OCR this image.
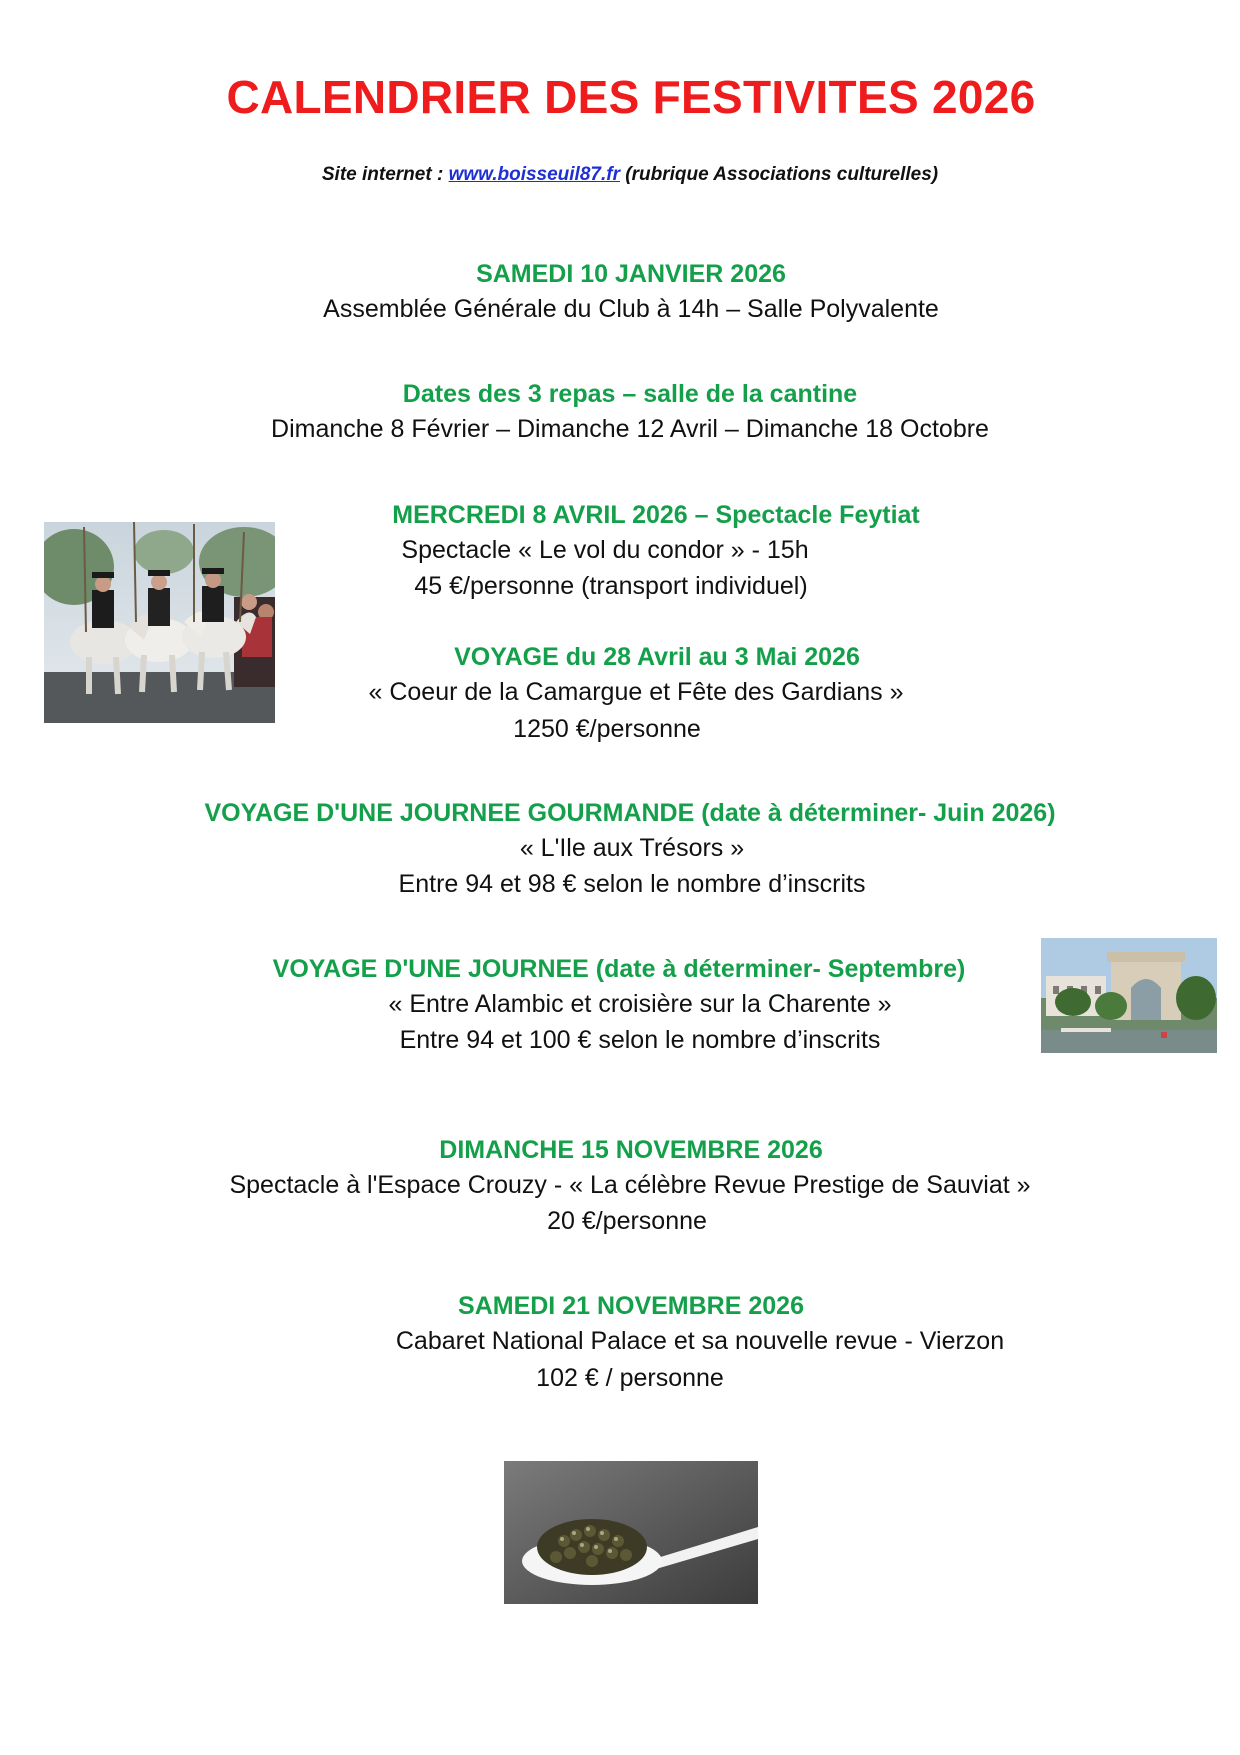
CALENDRIER DES FESTIVITES 2026
Site internet : www.boisseuil87.fr (rubrique Associations culturelles)
SAMEDI 10 JANVIER 2026
Assemblée Générale du Club à 14h – Salle Polyvalente
Dates des 3 repas – salle de la cantine
Dimanche 8 Février – Dimanche 12 Avril – Dimanche 18 Octobre
MERCREDI 8 AVRIL 2026 – Spectacle Feytiat
Spectacle « Le vol du condor » - 15h
45 €/personne (transport individuel)
VOYAGE du 28 Avril au 3 Mai 2026
« Coeur de la Camargue et Fête des Gardians »
1250 €/personne
VOYAGE D'UNE JOURNEE GOURMANDE (date à déterminer- Juin 2026)
« L'Ile aux Trésors »
Entre 94 et 98 € selon le nombre d’inscrits
VOYAGE D'UNE JOURNEE (date à déterminer- Septembre)
« Entre Alambic et croisière sur la Charente »
Entre 94 et 100 € selon le nombre d’inscrits
DIMANCHE 15 NOVEMBRE 2026
Spectacle à l'Espace Crouzy - « La célèbre Revue Prestige de Sauviat »
20 €/personne
SAMEDI 21 NOVEMBRE 2026
Cabaret National Palace et sa nouvelle revue - Vierzon
102 € / personne
